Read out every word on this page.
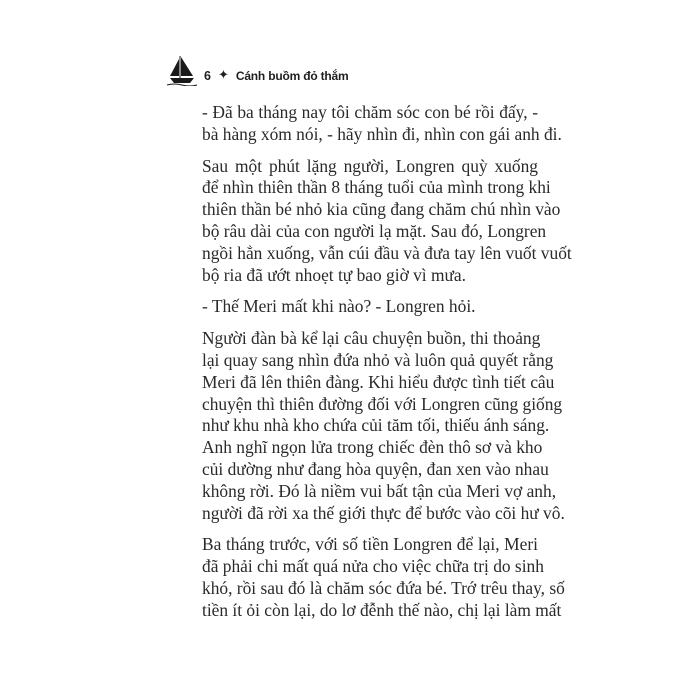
6 ✦ Cánh buồm đỏ thắm
- Đã ba tháng nay tôi chăm sóc con bé rồi đấy, -
bà hàng xóm nói, - hãy nhìn đi, nhìn con gái anh đi.
Sau một phút lặng người, Longren quỳ xuống
để nhìn thiên thần 8 tháng tuổi của mình trong khi
thiên thần bé nhỏ kia cũng đang chăm chú nhìn vào
bộ râu dài của con người lạ mặt. Sau đó, Longren
ngồi hẳn xuống, vẫn cúi đầu và đưa tay lên vuốt vuốt
bộ ria đã ướt nhoẹt tự bao giờ vì mưa.
- Thế Meri mất khi nào? - Longren hỏi.
Người đàn bà kể lại câu chuyện buồn, thi thoảng
lại quay sang nhìn đứa nhỏ và luôn quả quyết rằng
Meri đã lên thiên đàng. Khi hiểu được tình tiết câu
chuyện thì thiên đường đối với Longren cũng giống
như khu nhà kho chứa củi tăm tối, thiếu ánh sáng.
Anh nghĩ ngọn lửa trong chiếc đèn thô sơ và kho
củi dường như đang hòa quyện, đan xen vào nhau
không rời. Đó là niềm vui bất tận của Meri vợ anh,
người đã rời xa thế giới thực để bước vào cõi hư vô.
Ba tháng trước, với số tiền Longren để lại, Meri
đã phải chi mất quá nửa cho việc chữa trị do sinh
khó, rồi sau đó là chăm sóc đứa bé. Trớ trêu thay, số
tiền ít ỏi còn lại, do lơ đễnh thế nào, chị lại làm mất
